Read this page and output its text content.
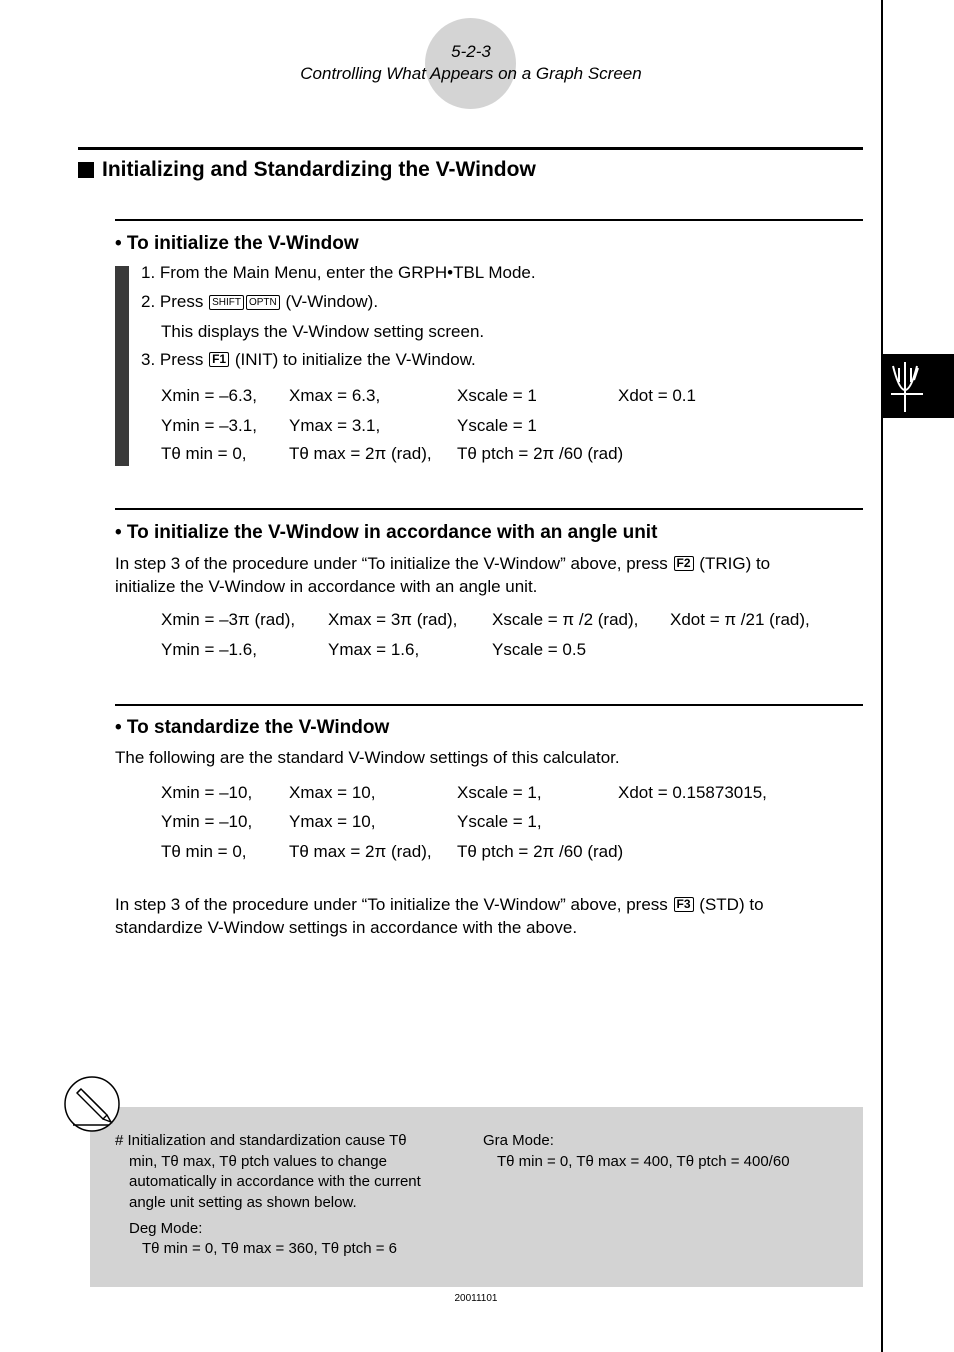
5-2-3
Controlling What Appears on a Graph Screen
Initializing and Standardizing the V-Window
• To initialize the V-Window
1. From the Main Menu, enter the GRPH•TBL Mode.
2. Press SHIFT OPTN (V-Window).
This displays the V-Window setting screen.
3. Press F1 (INIT) to initialize the V-Window.
Xmin = –6.3, Xmax = 6.3,	Xscale = 1	Xdot = 0.1
Ymin = –3.1, Ymax = 3.1,	Yscale = 1
Tθ min = 0, Tθ max = 2π (rad), Tθ ptch = 2π /60 (rad)
• To initialize the V-Window in accordance with an angle unit
In step 3 of the procedure under “To initialize the V-Window” above, press F2 (TRIG) to initialize the V-Window in accordance with an angle unit.
Xmin = –3π (rad), Xmax = 3π (rad), Xscale = π /2 (rad), Xdot = π /21 (rad),
Ymin = –1.6,	Ymax = 1.6,	Yscale = 0.5
• To standardize the V-Window
The following are the standard V-Window settings of this calculator.
Xmin = –10, Xmax = 10,	Xscale = 1,	Xdot = 0.15873015,
Ymin = –10, Ymax = 10,	Yscale = 1,
Tθ min = 0, Tθ max = 2π (rad), Tθ ptch = 2π /60 (rad)
In step 3 of the procedure under “To initialize the V-Window” above, press F3 (STD) to standardize V-Window settings in accordance with the above.
# Initialization and standardization cause Tθ
min, Tθ max, Tθ ptch values to change
automatically in accordance with the current
angle unit setting as shown below.
Deg Mode:
Tθ min = 0, Tθ max = 360, Tθ ptch = 6
Gra Mode:
Tθ min = 0, Tθ max = 400, Tθ ptch = 400/60
20011101
